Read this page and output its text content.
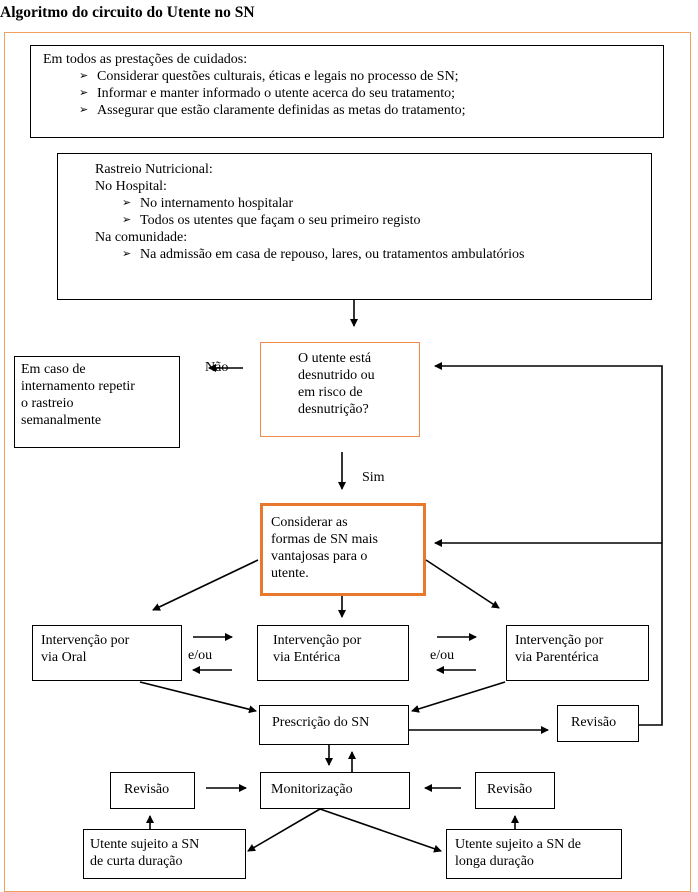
Algoritmo do circuito do Utente no SN
Em todos as prestações de cuidados:
➢ Considerar questões culturais, éticas e legais no processo de SN;
➢ Informar e manter informado o utente acerca do seu tratamento;
➢ Assegurar que estão claramente definidas as metas do tratamento;
Rastreio Nutricional:
No Hospital:
➢ No internamento hospitalar
➢ Todos os utentes que façam o seu primeiro registo
Na comunidade:
➢ Na admissão em casa de repouso, lares, ou tratamentos ambulatórios
O utente está
desnutrido ou
em risco de
desnutrição?
Em caso de
internamento repetir
o rastreio
semanalmente
Não
Sim
Considerar as
formas de SN mais
vantajosas para o
utente.
Intervenção por
via Oral
Intervenção por
via Entérica
Intervenção por
via Parentérica
e/ou	e/ou
Prescrição do SN	Revisão
Revisão	Monitorização	Revisão
Utente sujeito a SN
de curta duração
Utente sujeito a SN de
longa duração
